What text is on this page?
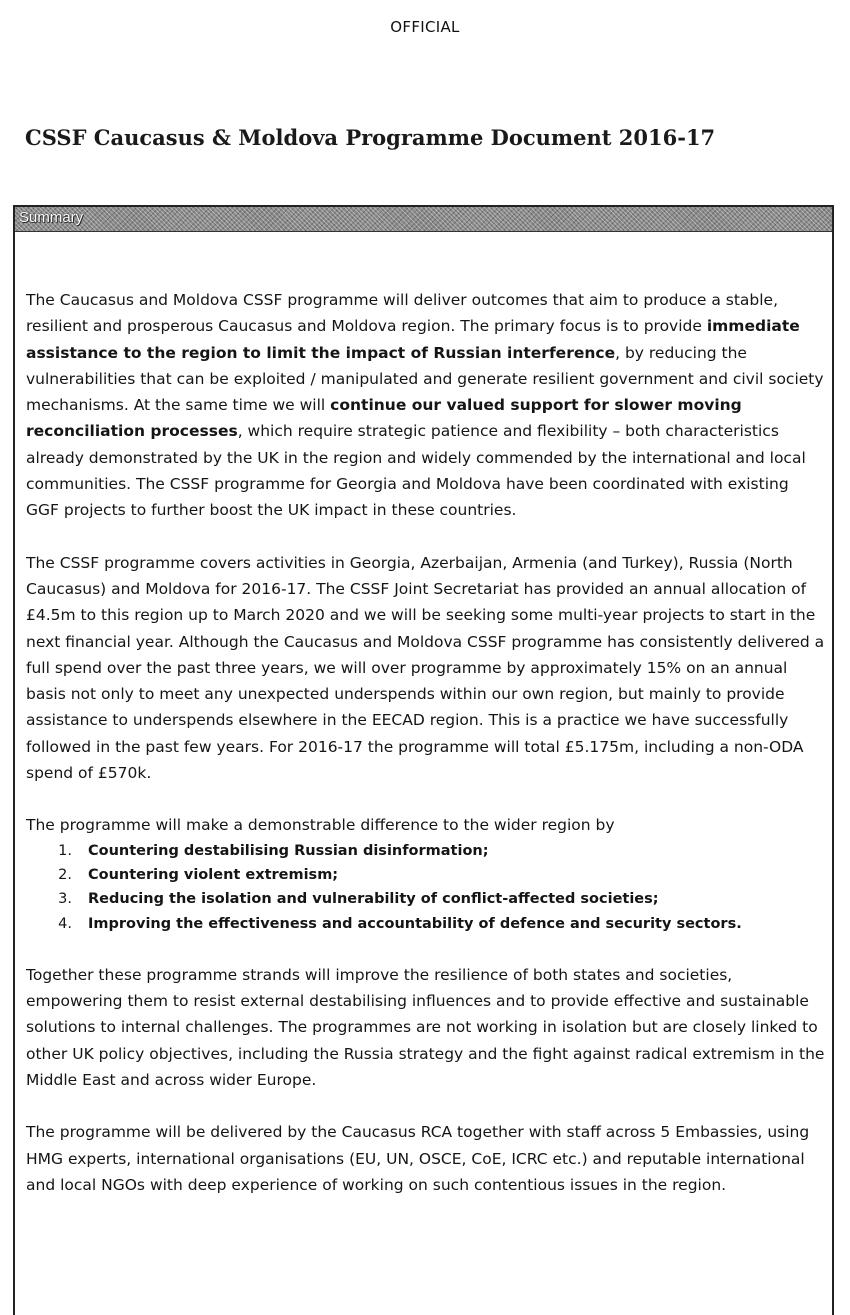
OFFICIAL
CSSF Caucasus & Moldova Programme Document 2016-17
Summary

The Caucasus and Moldova CSSF programme will deliver outcomes that aim to produce a stable, resilient and prosperous Caucasus and Moldova region. The primary focus is to provide immediate assistance to the region to limit the impact of Russian interference, by reducing the vulnerabilities that can be exploited / manipulated and generate resilient government and civil society mechanisms. At the same time we will continue our valued support for slower moving reconciliation processes, which require strategic patience and flexibility – both characteristics already demonstrated by the UK in the region and widely commended by the international and local communities. The CSSF programme for Georgia and Moldova have been coordinated with existing GGF projects to further boost the UK impact in these countries.

The CSSF programme covers activities in Georgia, Azerbaijan, Armenia (and Turkey), Russia (North Caucasus) and Moldova for 2016-17. The CSSF Joint Secretariat has provided an annual allocation of £4.5m to this region up to March 2020 and we will be seeking some multi-year projects to start in the next financial year. Although the Caucasus and Moldova CSSF programme has consistently delivered a full spend over the past three years, we will over programme by approximately 15% on an annual basis not only to meet any unexpected underspends within our own region, but mainly to provide assistance to underspends elsewhere in the EECAD region. This is a practice we have successfully followed in the past few years. For 2016-17 the programme will total £5.175m, including a non-ODA spend of £570k.

The programme will make a demonstrable difference to the wider region by

1.	Countering destabilising Russian disinformation;
2.	Countering violent extremism;
3.	Reducing the isolation and vulnerability of conflict-affected societies;
4.	Improving the effectiveness and accountability of defence and security sectors.

Together these programme strands will improve the resilience of both states and societies, empowering them to resist external destabilising influences and to provide effective and sustainable solutions to internal challenges. The programmes are not working in isolation but are closely linked to other UK policy objectives, including the Russia strategy and the fight against radical extremism in the Middle East and across wider Europe.

The programme will be delivered by the Caucasus RCA together with staff across 5 Embassies, using HMG experts, international organisations (EU, UN, OSCE, CoE, ICRC etc.) and reputable international and local NGOs with deep experience of working on such contentious issues in the region.
